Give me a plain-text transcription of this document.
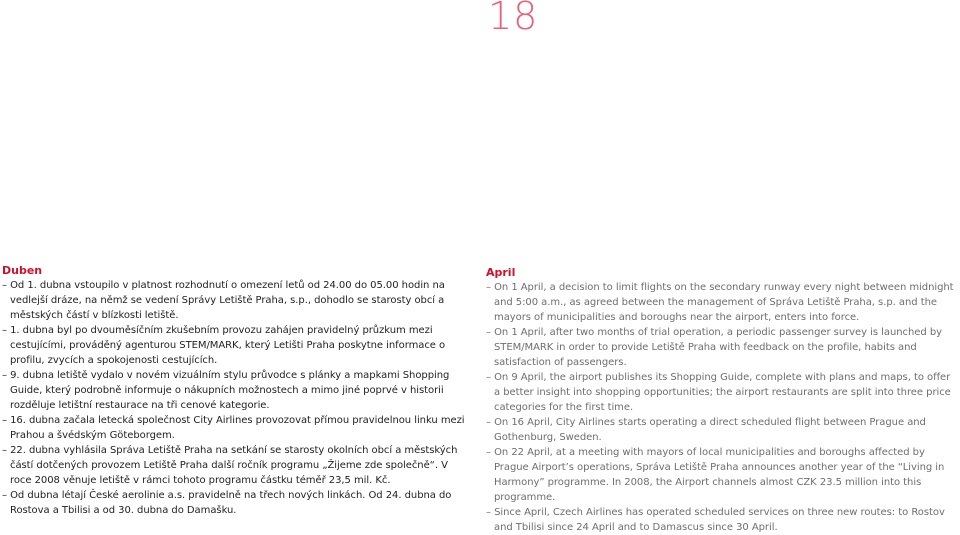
18
Duben
– Od 1. dubna vstoupilo v platnost rozhodnutí o omezení letů od 24.00 do 05.00 hodin na vedlejší dráze, na němž se vedení Správy Letiště Praha, s.p., dohodlo se starosty obcí a městských částí v blízkosti letiště.
– 1. dubna byl po dvouměsíčním zkušebním provozu zahájen pravidelný průzkum mezi cestujícími, prováděný agenturou STEM/MARK, který Letišti Praha poskytne informace o profilu, zvycích a spokojenosti cestujících.
– 9. dubna letiště vydalo v novém vizuálním stylu průvodce s plánky a mapkami Shopping Guide, který podrobně informuje o nákupních možnostech a mimo jiné poprvé v historii rozděluje letištní restaurace na tři cenové kategorie.
– 16. dubna začala letecká společnost City Airlines provozovat přímou pravidelnou linku mezi Prahou a švédským Göteborgem.
– 22. dubna vyhlásila Správa Letiště Praha na setkání se starosty okolních obcí a městských částí dotčených provozem Letiště Praha další ročník programu „Žijeme zde společně“. V roce 2008 věnuje letiště v rámci tohoto programu částku téměř 23,5 mil. Kč.
– Od dubna létají České aerolinie a.s. pravidelně na třech nových linkách. Od 24. dubna do Rostova a Tbilisi a od 30. dubna do Damašku.
April
– On 1 April, a decision to limit flights on the secondary runway every night between midnight and 5:00 a.m., as agreed between the management of Správa Letiště Praha, s.p. and the mayors of municipalities and boroughs near the airport, enters into force.
– On 1 April, after two months of trial operation, a periodic passenger survey is launched by STEM/MARK in order to provide Letiště Praha with feedback on the profile, habits and satisfaction of passengers.
– On 9 April, the airport publishes its Shopping Guide, complete with plans and maps, to offer a better insight into shopping opportunities; the airport restaurants are split into three price categories for the first time.
– On 16 April, City Airlines starts operating a direct scheduled flight between Prague and Gothenburg, Sweden.
– On 22 April, at a meeting with mayors of local municipalities and boroughs affected by Prague Airport’s operations, Správa Letiště Praha announces another year of the “Living in Harmony” programme. In 2008, the Airport channels almost CZK 23.5 million into this programme.
– Since April, Czech Airlines has operated scheduled services on three new routes: to Rostov and Tbilisi since 24 April and to Damascus since 30 April.
